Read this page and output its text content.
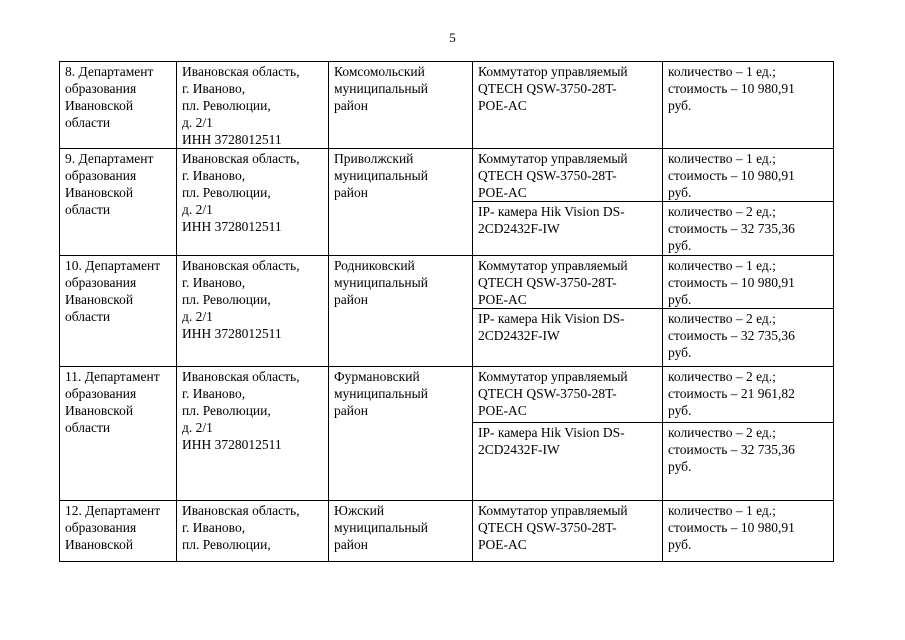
5
8. Департамент
образования
Ивановской
области	Ивановская область,
г. Иваново,
пл. Революции,
д. 2/1
ИНН 3728012511	Комсомольский
муниципальный
район	Коммутатор управляемый
QTECH QSW-3750-28T-
POE-AC	количество – 1 ед.;
стоимость – 10 980,91
руб.
9. Департамент
образования
Ивановской
области	Ивановская область,
г. Иваново,
пл. Революции,
д. 2/1
ИНН 3728012511	Приволжский
муниципальный
район	Коммутатор управляемый
QTECH QSW-3750-28T-
POE-AC	количество – 1 ед.;
стоимость – 10 980,91
руб.
			IP- камера Hik Vision DS-
2CD2432F-IW	количество – 2 ед.;
стоимость – 32 735,36
руб.
10. Департамент
образования
Ивановской
области	Ивановская область,
г. Иваново,
пл. Революции,
д. 2/1
ИНН 3728012511	Родниковский
муниципальный
район	Коммутатор управляемый
QTECH QSW-3750-28T-
POE-AC	количество – 1 ед.;
стоимость – 10 980,91
руб.
			IP- камера Hik Vision DS-
2CD2432F-IW	количество – 2 ед.;
стоимость – 32 735,36
руб.
11. Департамент
образования
Ивановской
области	Ивановская область,
г. Иваново,
пл. Революции,
д. 2/1
ИНН 3728012511	Фурмановский
муниципальный
район	Коммутатор управляемый
QTECH QSW-3750-28T-
POE-AC	количество – 2 ед.;
стоимость – 21 961,82
руб.
			IP- камера Hik Vision DS-
2CD2432F-IW	количество – 2 ед.;
стоимость – 32 735,36
руб.
12. Департамент
образования
Ивановской	Ивановская область,
г. Иваново,
пл. Революции,	Южский
муниципальный
район	Коммутатор управляемый
QTECH QSW-3750-28T-
POE-AC	количество – 1 ед.;
стоимость – 10 980,91
руб.
